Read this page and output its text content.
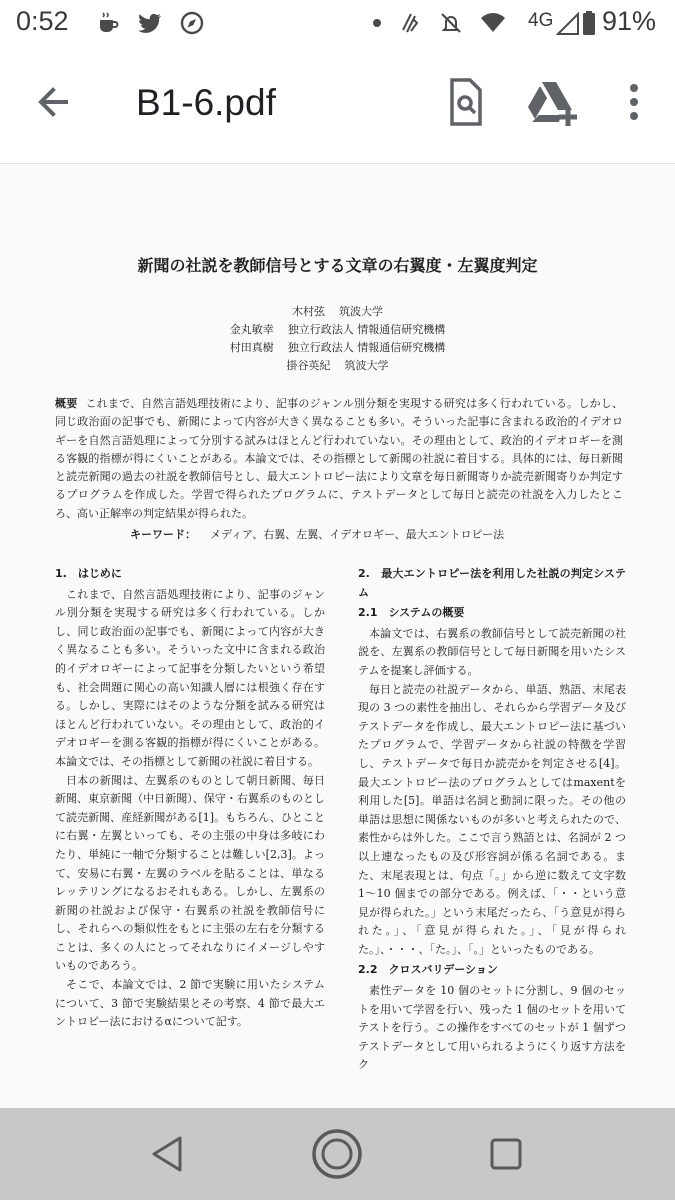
0:52	4G 91%
B1-6.pdf
新聞の社説を教師信号とする文章の右翼度・左翼度判定
木村弦 筑波大学
金丸敏幸 独立行政法人 情報通信研究機構
村田真樹 独立行政法人 情報通信研究機構
掛谷英紀 筑波大学
概要 これまで、自然言語処理技術により、記事のジャンル別分類を実現する研究は多く行われている。しかし、同じ政治面の記事でも、新聞によって内容が大きく異なることも多い。そういった記事に含まれる政治的イデオロギーを自然言語処理によって分別する試みはほとんど行われていない。その理由として、政治的イデオロギーを測る客観的指標が得にくいことがある。本論文では、その指標として新聞の社説に着目する。具体的には、毎日新聞と読売新聞の過去の社説を教師信号とし、最大エントロピー法により文章を毎日新聞寄りか読売新聞寄りか判定するプログラムを作成した。学習で得られたプログラムに、テストデータとして毎日と読売の社説を入力したところ、高い正解率の判定結果が得られた。
キーワード： メディア、右翼、左翼、イデオロギー、最大エントロピー法
1.　はじめに

これまで、自然言語処理技術により、記事のジャンル別分類を実現する研究は多く行われている。しかし、同じ政治面の記事でも、新聞によって内容が大きく異なることも多い。そういった文中に含まれる政治的イデオロギーによって記事を分類したいという希望も、社会問題に関心の高い知識人層には根強く存在する。しかし、実際にはそのような分類を試みる研究はほとんど行われていない。その理由として、政治的イデオロギーを測る客観的指標が得にくいことがある。本論文では、その指標として新聞の社説に着目する。

日本の新聞は、左翼系のものとして朝日新聞、毎日新聞、東京新聞（中日新聞）、保守・右翼系のものとして読売新聞、産経新聞がある[1]。もちろん、ひとことに右翼・左翼といっても、その主張の中身は多岐にわたり、単純に一軸で分類することは難しい[2,3]。よって、安易に右翼・左翼のラベルを貼ることは、単なるレッテリングになるおそれもある。しかし、左翼系の新聞の社説および保守・右翼系の社説を教師信号にし、それらへの類似性をもとに主張の左右を分類することは、多くの人にとってそれなりにイメージしやすいものであろう。

そこで、本論文では、2 節で実験に用いたシステムについて、3 節で実験結果とその考察、4 節で最大エントロピー法におけるαについて記す。

2.　最大エントロピー法を利用した社説の判定システム
2.1　システムの概要

本論文では、右翼系の教師信号として読売新聞の社説を、左翼系の教師信号として毎日新聞を用いたシステムを提案し評価する。

毎日と読売の社説データから、単語、熟語、末尾表現の 3 つの素性を抽出し、それらから学習データ及びテストデータを作成し、最大エントロピー法に基づいたプログラムで、学習データから社説の特徴を学習し、テストデータで毎日か読売かを判定させる[4]。最大エントロピー法のプログラムとしてはmaxentを利用した[5]。単語は名詞と動詞に限った。その他の単語は思想に関係ないものが多いと考えられたので、素性からは外した。ここで言う熟語とは、名詞が 2 つ以上連なったもの及び形容詞が係る名詞である。また、末尾表現とは、句点「。」から逆に数えて文字数 1〜10 個までの部分である。例えば、「・・という意見が得られた。」という末尾だったら、「う意見が得られた。」、「意見が得られた。」、「見が得られた。」、・・・、「た。」、「。」といったものである。

2.2　クロスバリデーション

素性データを 10 個のセットに分割し、9 個のセットを用いて学習を行い、残った 1 個のセットを用いてテストを行う。この操作をすべてのセットが 1 個ずつテストデータとして用いられるようにくり返す方法をク
